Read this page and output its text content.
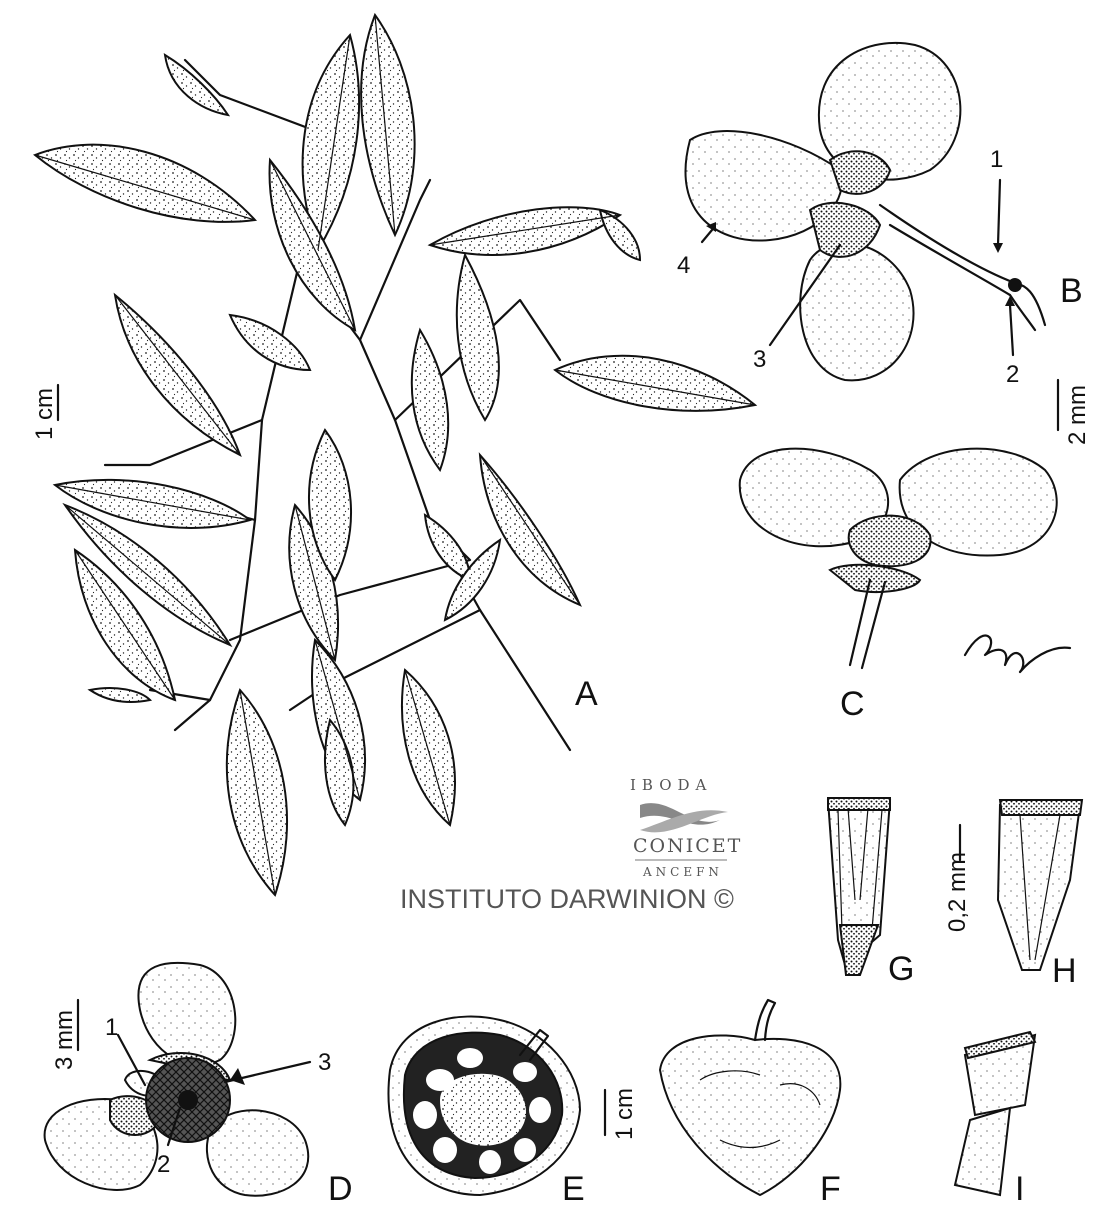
A
1 cm
1
2
3
4
B
2 mm
C
IBODA
CONICET
ANCEFN
INSTITUTO DARWINION ©
G	H
0,2 mm
1
2
3
D
3 mm
E
1 cm
F	I
